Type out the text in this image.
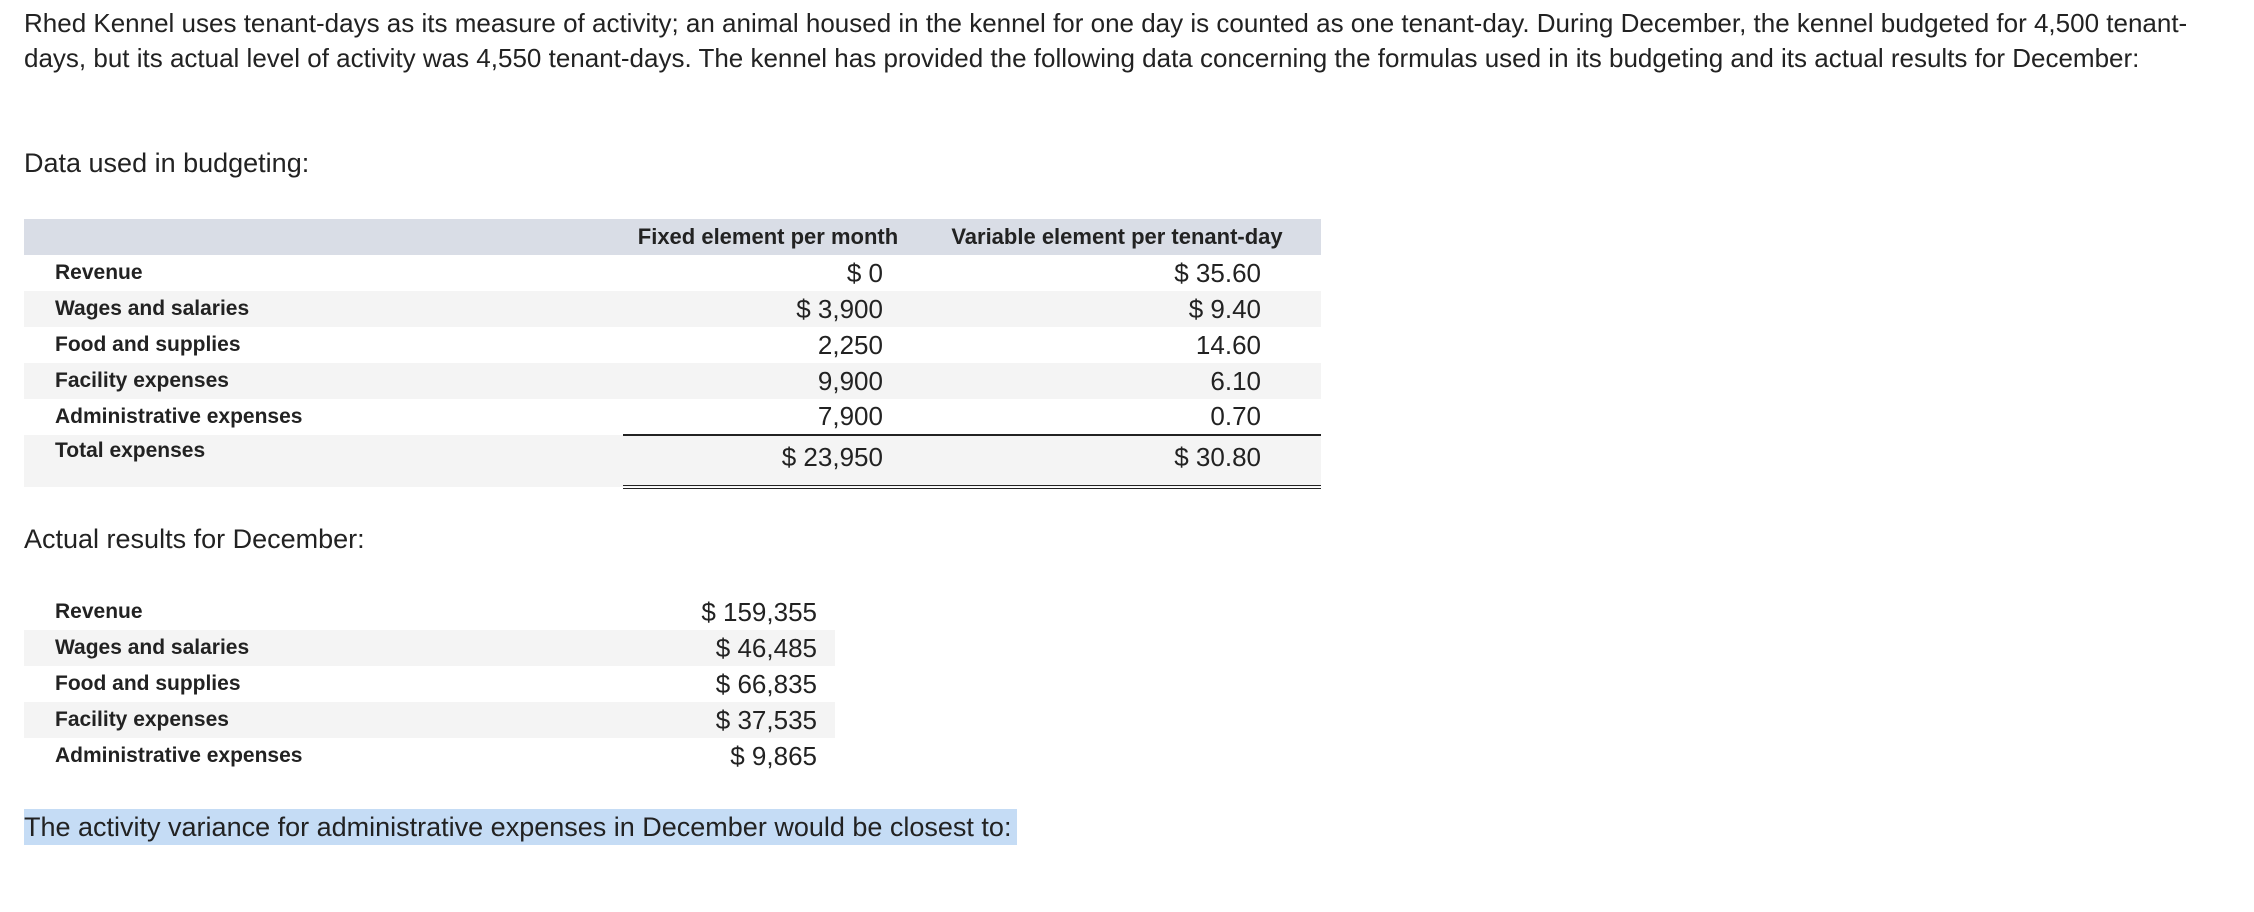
Rhed Kennel uses tenant-days as its measure of activity; an animal housed in the kennel for one day is counted as one tenant-day. During December, the kennel budgeted for 4,500 tenant-days, but its actual level of activity was 4,550 tenant-days. The kennel has provided the following data concerning the formulas used in its budgeting and its actual results for December:

Data used in budgeting:

	Fixed element per month	Variable element per tenant-day
Revenue	$ 0	$ 35.60

Wages and salaries	$ 3,900	$ 9.40

Food and supplies	2,250	14.60

Facility expenses	9,900	6.10

Administrative expenses	7,900	0.70

Total expenses	$ 23,950	$ 30.80

Actual results for December:

Revenue	$ 159,355

Wages and salaries	$ 46,485

Food and supplies	$ 66,835

Facility expenses	$ 37,535

Administrative expenses	$ 9,865

The activity variance for administrative expenses in December would be closest to:
